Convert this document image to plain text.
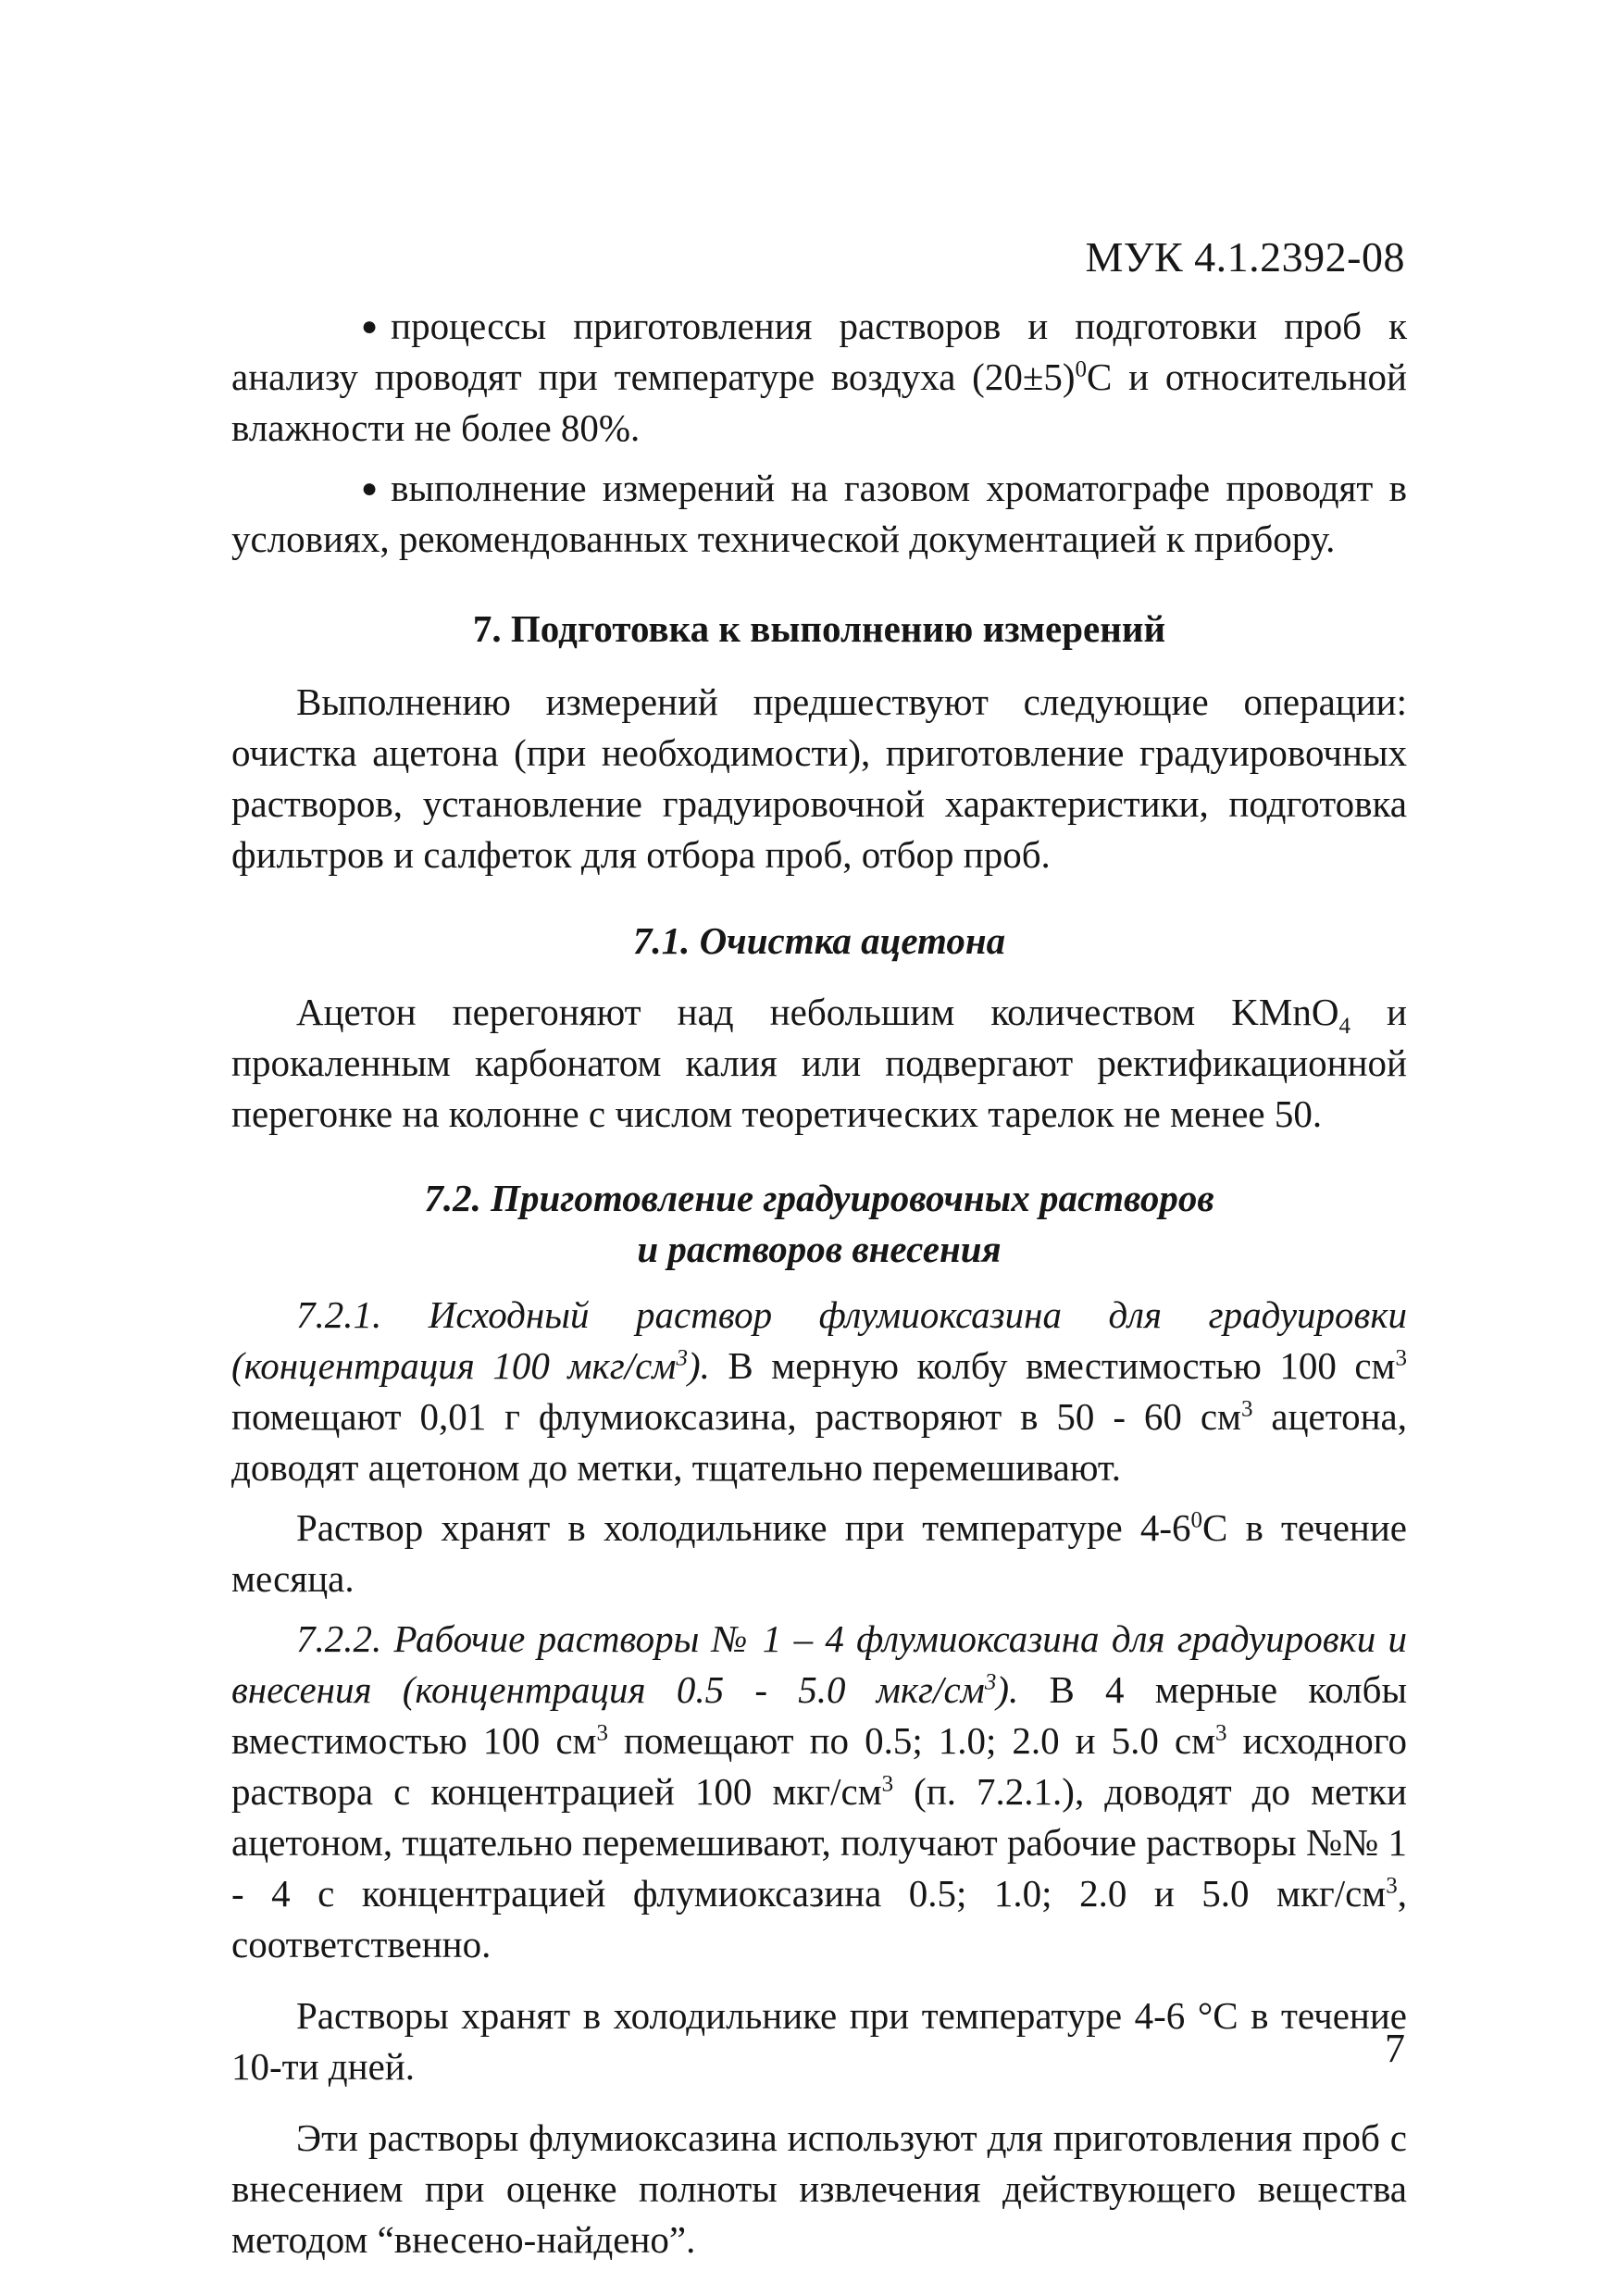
МУК 4.1.2392-08

● процессы приготовления растворов и подготовки проб к анализу проводят при температуре воздуха $(20\pm 5)^0С$ и относительной влажности не более 80%.

● выполнение измерений на газовом хроматографе проводят в условиях, рекомендованных технической документацией к прибору.

7. Подготовка к выполнению измерений

Выполнению измерений предшествуют следующие операции: очистка ацетона (при необходимости), приготовление градуировочных растворов, установление градуировочной характеристики, подготовка фильтров и салфеток для отбора проб, отбор проб.

7.1. Очистка ацетона

Ацетон перегоняют над небольшим количеством KMnO$_4$ и прокаленным карбонатом калия или подвергают ректификационной перегонке на колонне с числом теоретических тарелок не менее 50.

7.2. Приготовление градуировочных растворов
и растворов внесения

7.2.1. Исходный раствор флумиоксазина для градуировки (концентрация 100 мкг/$см^3$). В мерную колбу вместимостью 100 $см^3$ помещают 0,01 г флумиоксазина, растворяют в 50 - 60 $см^3$ ацетона, доводят ацетоном до метки, тщательно перемешивают.

Раствор хранят в холодильнике при температуре $4-6^0С$ в течение месяца.

7.2.2. Рабочие растворы № 1 – 4 флумиоксазина для градуировки и внесения (концентрация 0.5 - 5.0 мкг/$см^3$). В 4 мерные колбы вместимостью 100 $см^3$ помещают по 0.5; 1.0; 2.0 и 5.0 $см^3$ исходного раствора с концентрацией 100 мкг/$см^3$ (п. 7.2.1.), доводят до метки ацетоном, тщательно перемешивают, получают рабочие растворы №№ 1 - 4 с концентрацией флумиоксазина 0.5; 1.0; 2.0 и 5.0 мкг/$см^3$, соответственно.

Растворы хранят в холодильнике при температуре 4-6 °С в течение 10-ти дней.

Эти растворы флумиоксазина используют для приготовления проб с внесением при оценке полноты извлечения действующего вещества методом “внесено-найдено”.

7
